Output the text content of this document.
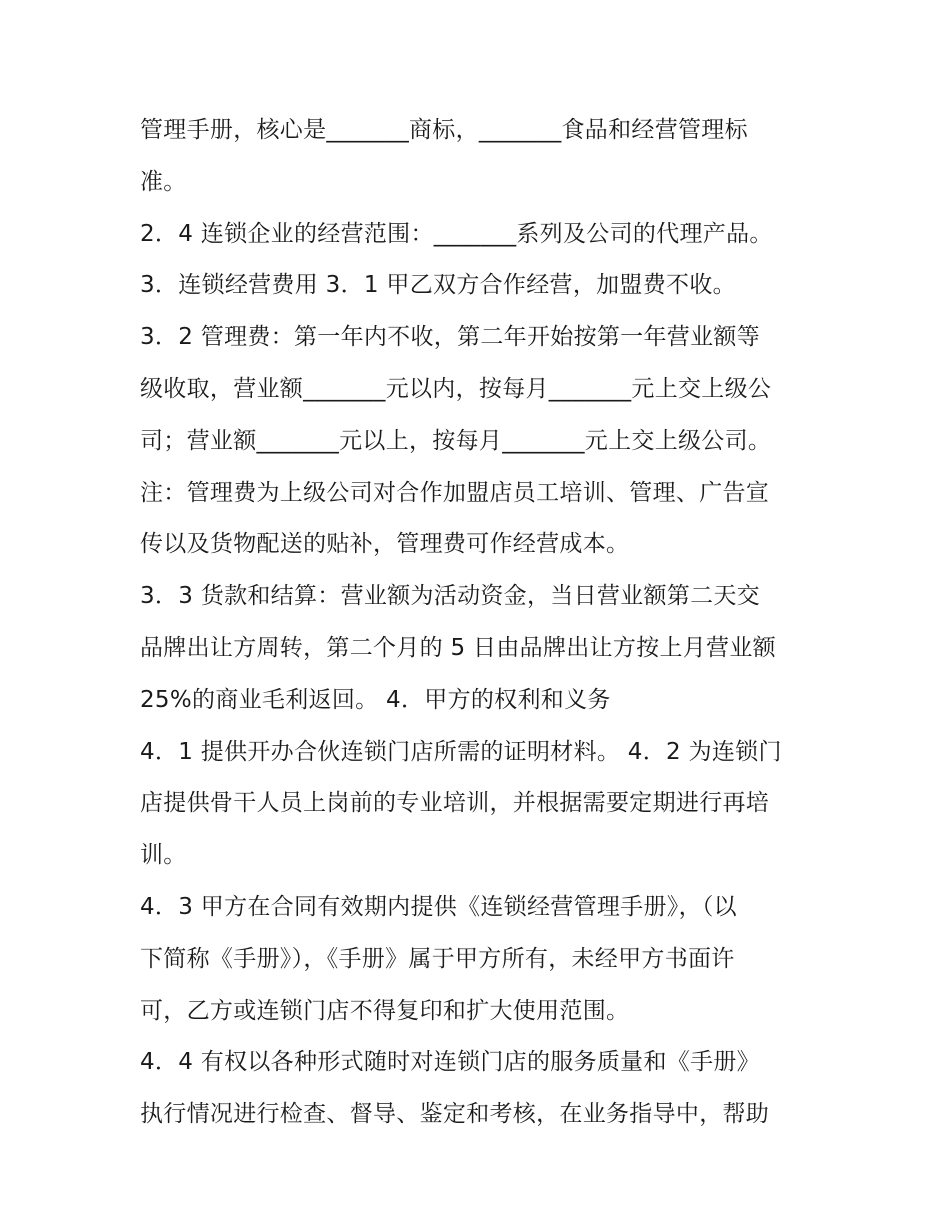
管理手册，核心是_______商标，_______食品和经营管理标
准。
2．4 连锁企业的经营范围：_______系列及公司的代理产品。
3．连锁经营费用 3．1 甲乙双方合作经营，加盟费不收。
3．2 管理费：第一年内不收，第二年开始按第一年营业额等
级收取，营业额_______元以内，按每月_______元上交上级公
司；营业额_______元以上，按每月_______元上交上级公司。
注：管理费为上级公司对合作加盟店员工培训、管理、广告宣
传以及货物配送的贴补，管理费可作经营成本。
3．3 货款和结算：营业额为活动资金，当日营业额第二天交
品牌出让方周转，第二个月的 5 日由品牌出让方按上月营业额
25%的商业毛利返回。 4．甲方的权利和义务
4．1 提供开办合伙连锁门店所需的证明材料。 4．2 为连锁门
店提供骨干人员上岗前的专业培训，并根据需要定期进行再培
训。
4．3 甲方在合同有效期内提供《连锁经营管理手册》，（以
下简称《手册》），《手册》属于甲方所有，未经甲方书面许
可，乙方或连锁门店不得复印和扩大使用范围。
4．4 有权以各种形式随时对连锁门店的服务质量和《手册》
执行情况进行检查、督导、鉴定和考核，在业务指导中，帮助
